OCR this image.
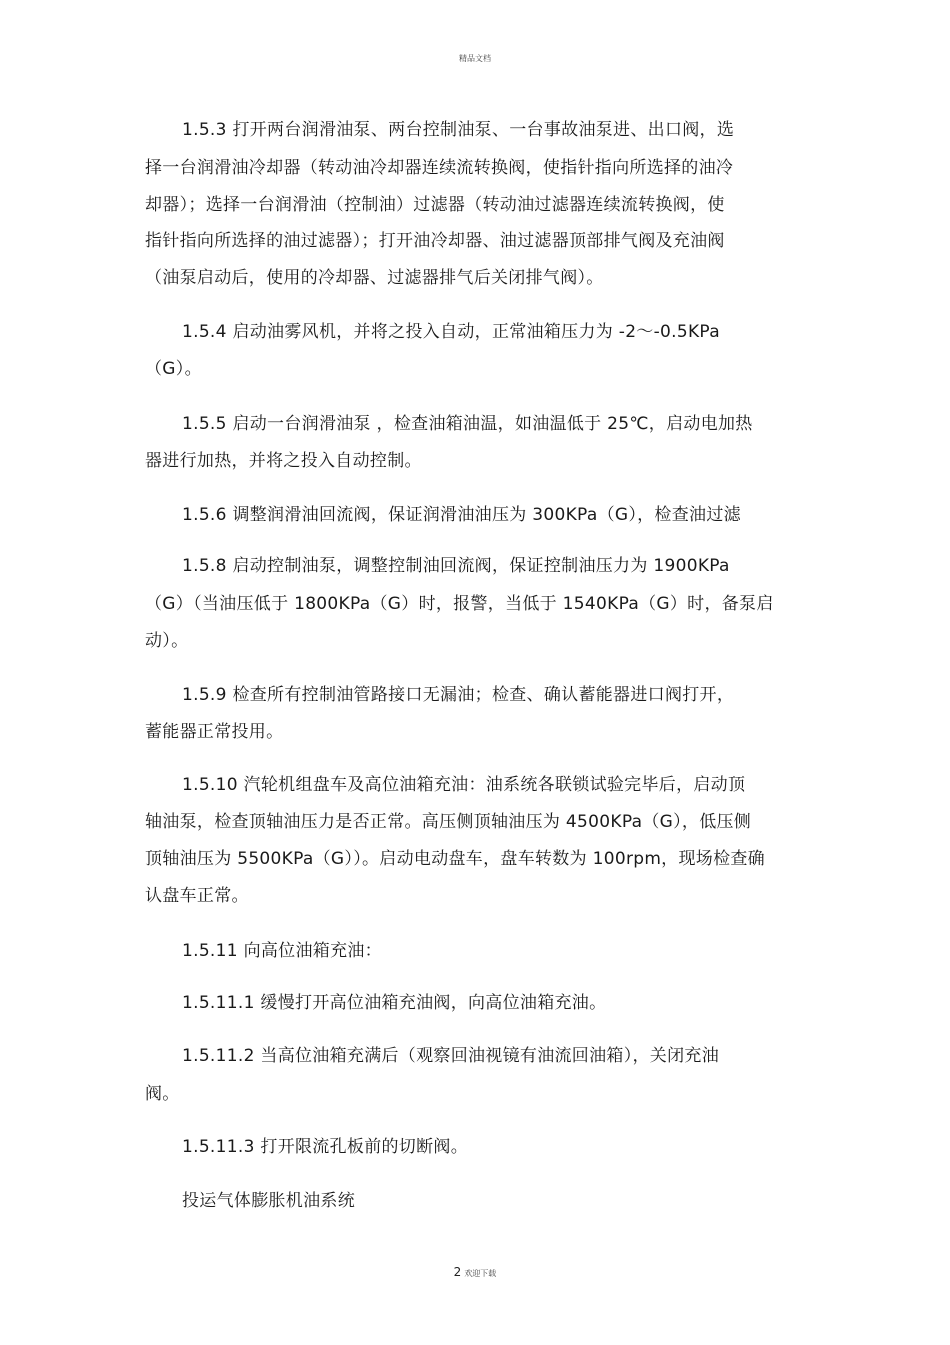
精品文档
1.5.3 打开两台润滑油泵、两台控制油泵、一台事故油泵进、出口阀，选
择一台润滑油冷却器（转动油冷却器连续流转换阀，使指针指向所选择的油冷
却器）；选择一台润滑油（控制油）过滤器（转动油过滤器连续流转换阀，使
指针指向所选择的油过滤器）；打开油冷却器、油过滤器顶部排气阀及充油阀
（油泵启动后，使用的冷却器、过滤器排气后关闭排气阀）。
1.5.4 启动油雾风机，并将之投入自动，正常油箱压力为 -2～-0.5KPa
（G）。
1.5.5 启动一台润滑油泵 ，检查油箱油温，如油温低于 25℃，启动电加热
器进行加热，并将之投入自动控制。
1.5.6 调整润滑油回流阀，保证润滑油油压为 300KPa（G），检查油过滤
1.5.8 启动控制油泵，调整控制油回流阀，保证控制油压力为 1900KPa
（G）（当油压低于 1800KPa（G）时，报警，当低于 1540KPa（G）时，备泵启
动）。
1.5.9 检查所有控制油管路接口无漏油；检查、确认蓄能器进口阀打开，
蓄能器正常投用。
1.5.10 汽轮机组盘车及高位油箱充油：油系统各联锁试验完毕后，启动顶
轴油泵，检查顶轴油压力是否正常。高压侧顶轴油压为 4500KPa（G），低压侧
顶轴油压为 5500KPa（G））。启动电动盘车，盘车转数为 100rpm，现场检查确
认盘车正常。
1.5.11 向高位油箱充油：
1.5.11.1 缓慢打开高位油箱充油阀，向高位油箱充油。
1.5.11.2 当高位油箱充满后（观察回油视镜有油流回油箱），关闭充油
阀。
1.5.11.3 打开限流孔板前的切断阀。
投运气体膨胀机油系统
2 欢迎下载
